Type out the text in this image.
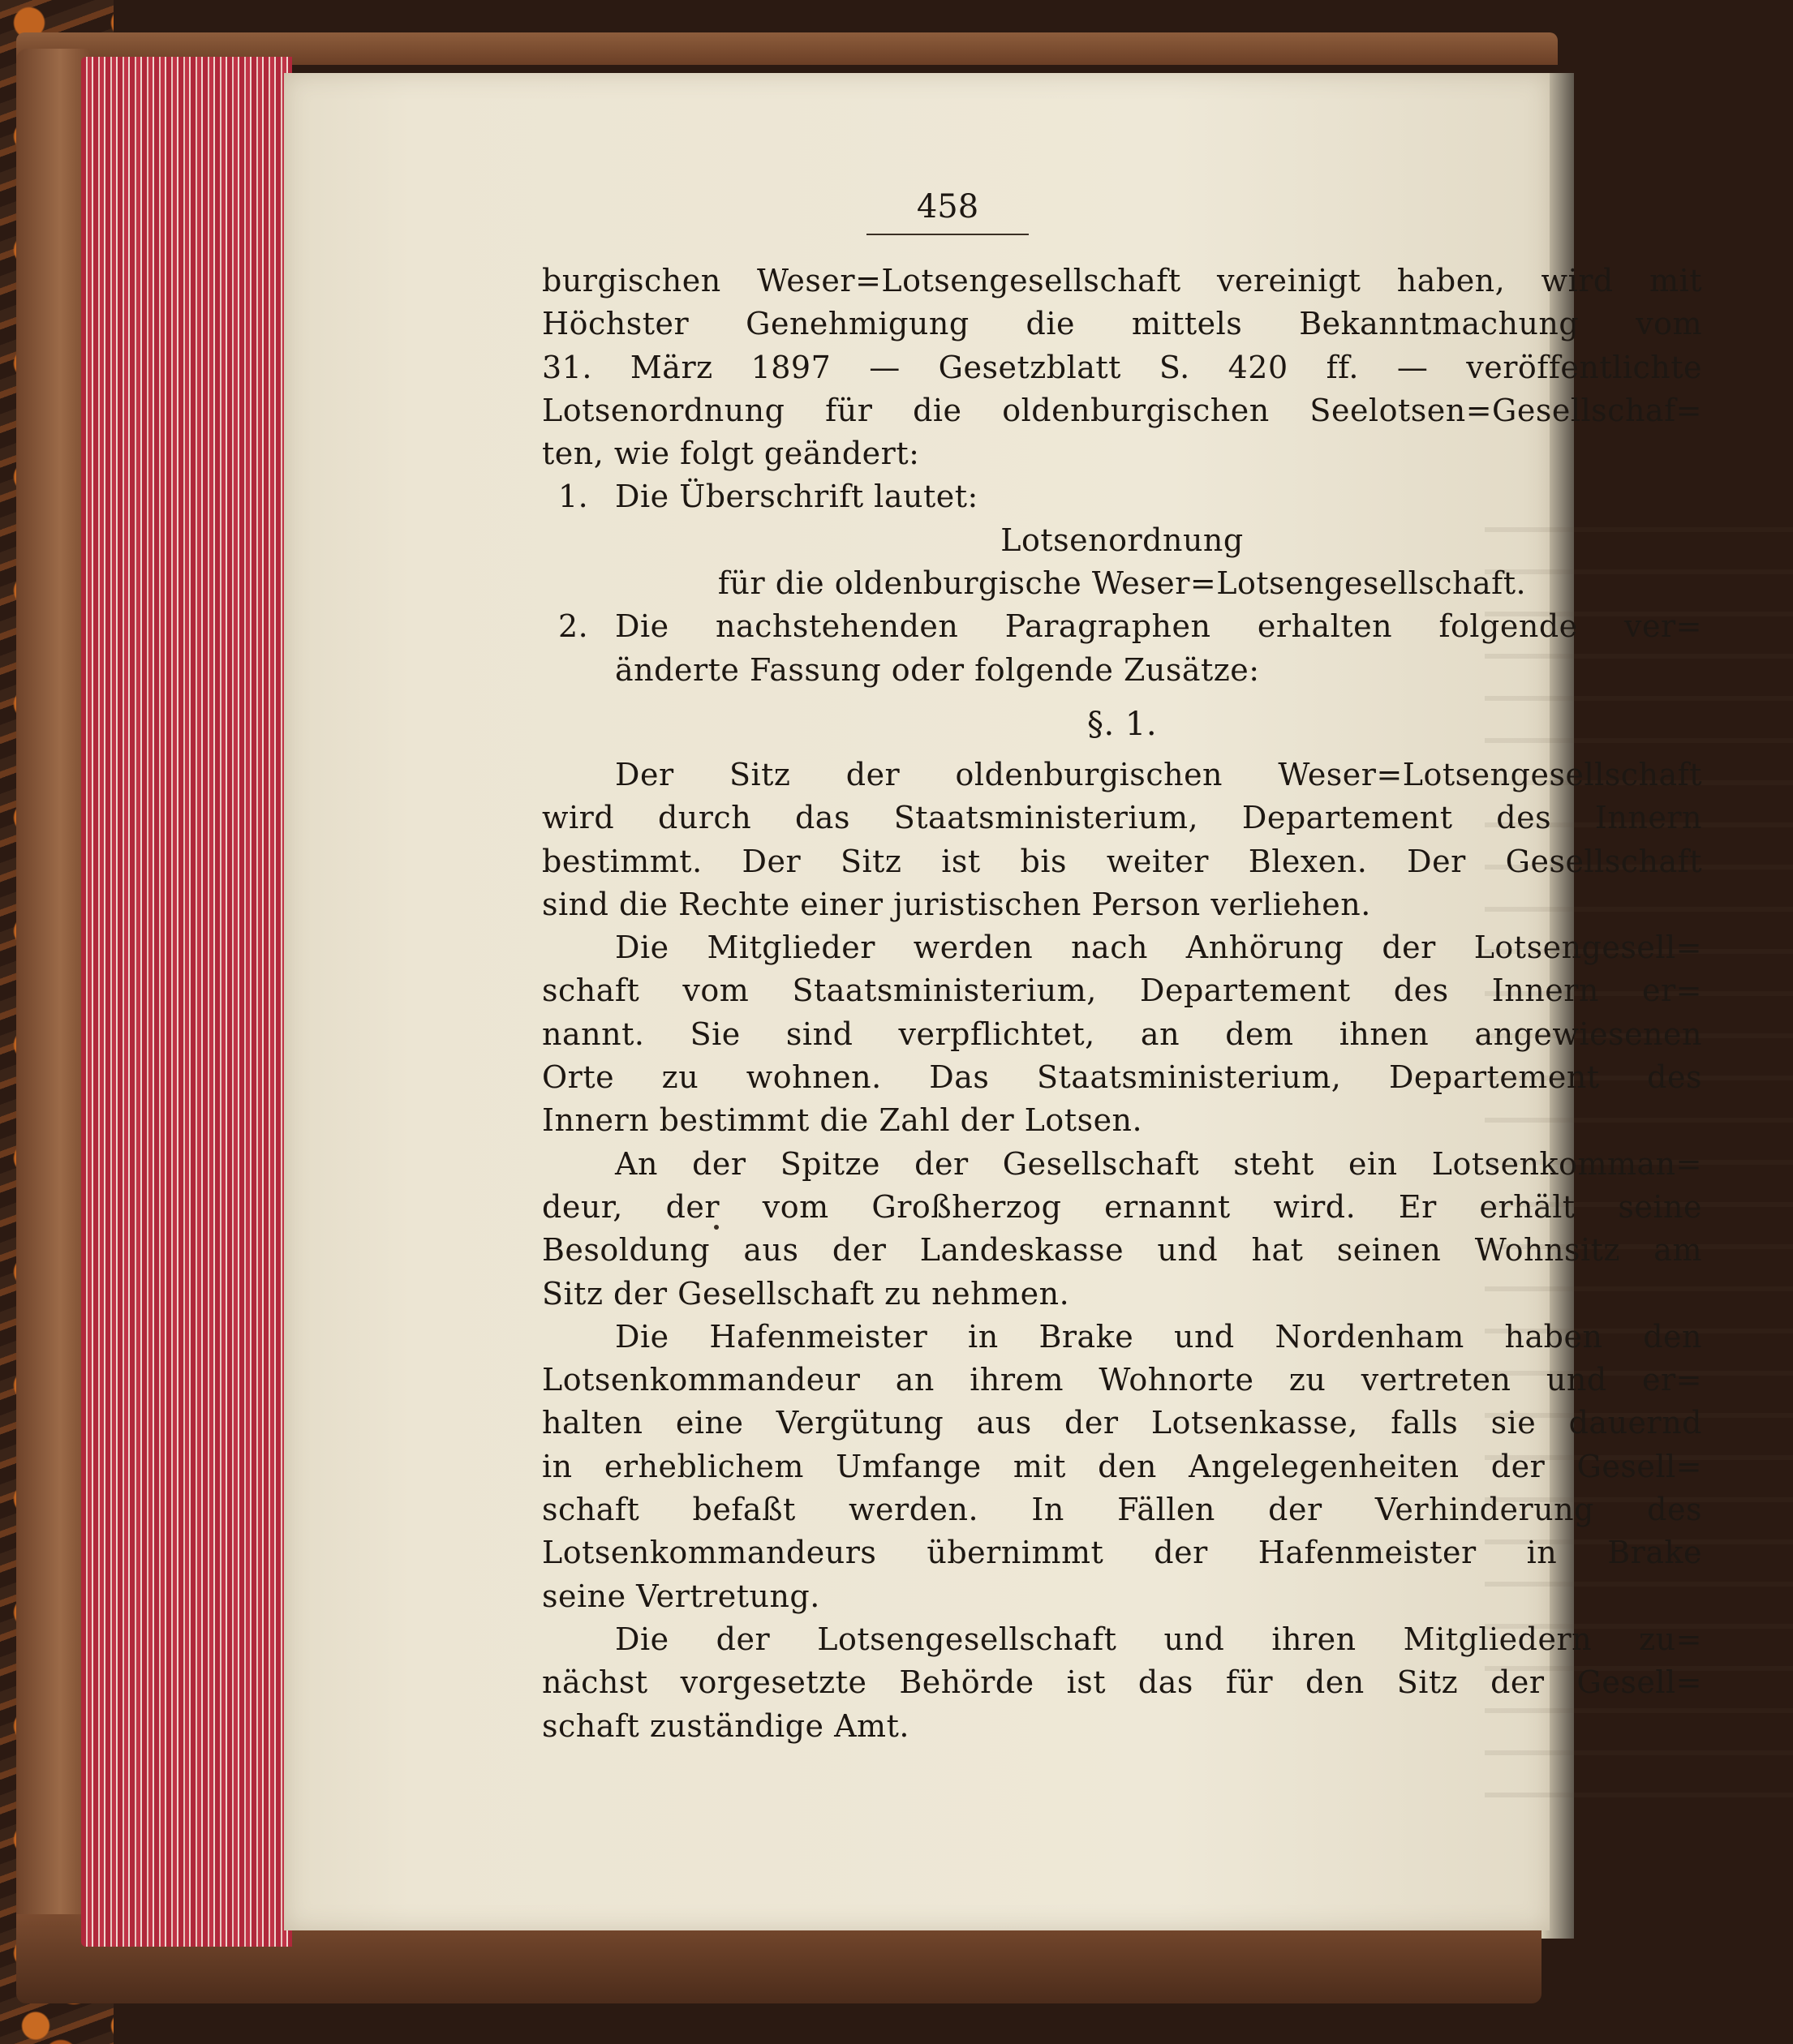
458
burgischen Weser=Lotsengesellschaft vereinigt haben, wird mit
Höchster Genehmigung die mittels Bekanntmachung vom
31. März 1897 — Gesetzblatt S. 420 ff. — veröffentlichte
Lotsenordnung für die oldenburgischen Seelotsen=Gesellschaf=
ten, wie folgt geändert:
1. Die Überschrift lautet:
Lotsenordnung
für die oldenburgische Weser=Lotsengesellschaft.
2. Die nachstehenden Paragraphen erhalten folgende ver=
änderte Fassung oder folgende Zusätze:
§. 1.
Der Sitz der oldenburgischen Weser=Lotsengesellschaft
wird durch das Staatsministerium, Departement des Innern
bestimmt. Der Sitz ist bis weiter Blexen. Der Gesellschaft
sind die Rechte einer juristischen Person verliehen.
Die Mitglieder werden nach Anhörung der Lotsengesell=
schaft vom Staatsministerium, Departement des Innern er=
nannt. Sie sind verpflichtet, an dem ihnen angewiesenen
Orte zu wohnen. Das Staatsministerium, Departement des
Innern bestimmt die Zahl der Lotsen.
An der Spitze der Gesellschaft steht ein Lotsenkomman=
deur, der vom Großherzog ernannt wird. Er erhält seine
Besoldung aus der Landeskasse und hat seinen Wohnsitz am
Sitz der Gesellschaft zu nehmen.
Die Hafenmeister in Brake und Nordenham haben den
Lotsenkommandeur an ihrem Wohnorte zu vertreten und er=
halten eine Vergütung aus der Lotsenkasse, falls sie dauernd
in erheblichem Umfange mit den Angelegenheiten der Gesell=
schaft befaßt werden. In Fällen der Verhinderung des
Lotsenkommandeurs übernimmt der Hafenmeister in Brake
seine Vertretung.
Die der Lotsengesellschaft und ihren Mitgliedern zu=
nächst vorgesetzte Behörde ist das für den Sitz der Gesell=
schaft zuständige Amt.
